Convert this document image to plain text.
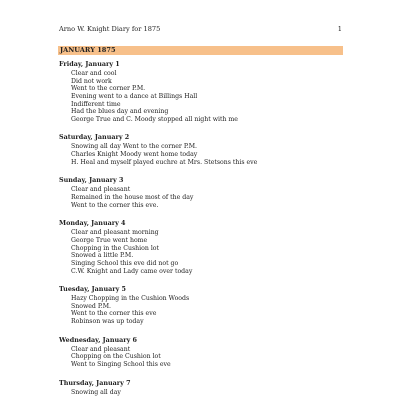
Arno W. Knight Diary for 1875	1
JANUARY 1875
Friday, January 1
Clear and cool
Did not work
Went to the corner P.M.
Evening went to a dance at Billings Hall
Indifferent time
Had the blues day and evening
George True and C. Moody stopped all night with me
Saturday, January 2
Snowing all day Went to the corner P.M.
Charles Knight Moody went home today
H. Heal and myself played euchre at Mrs. Stetsons this eve
Sunday, January 3
Clear and pleasant
Remained in the house most of the day
Went to the corner this eve.
Monday, January 4
Clear and pleasant morning
George True went home
Chopping in the Cushion lot
Snowed a little P.M.
Singing School this eve did not go
C.W. Knight and Lady came over today
Tuesday, January 5
Hazy Chopping in the Cushion Woods
Snowed P.M.
Went to the corner this eve
Robinson was up today
Wednesday, January 6
Clear and pleasant
Chopping on the Cushion lot
Went to Singing School this eve
Thursday, January 7
Snowing all day
